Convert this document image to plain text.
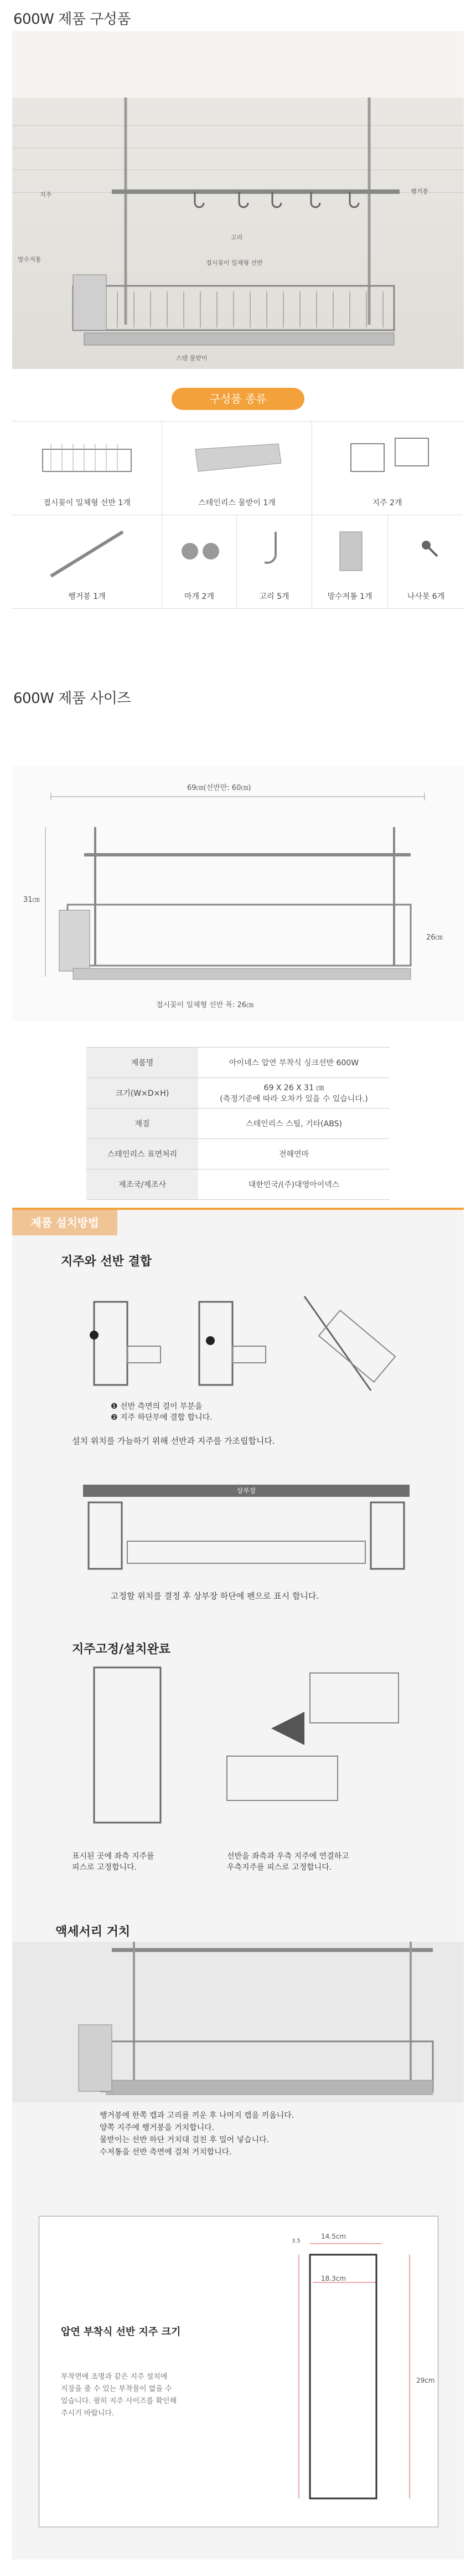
600W 제품 구성품
지주	행거봉
고리
망수저통	접시꽂이 일체형 선반
스텐 물받이
구성품 종류
접시꽂이 일체형 선반 1개	스테인리스 물받이 1개	지주 2개
행거봉 1개	마개 2개	고리 5개	망수저통 1개	나사못 6개
600W 제품 사이즈
69㎝(선반만: 60㎝)
31㎝
26㎝
접시꽂이 일체형 선반 폭: 26㎝
제품명	아이네스 압연 부착식 싱크선반 600W
크기(W×D×H)	69 X 26 X 31 ㎝
(측정기준에 따라 오차가 있을 수 있습니다.)

재질	스테인리스 스틸, 기타(ABS)
스테인리스 표면처리	전해연마
제조국/제조사	대한민국/(주)대영아이넥스
제품 설치방법
지주와 선반 결합
❶ 선반 측면의 걸이 부분을
❷ 지주 하단부에 결합 합니다.
설치 위치를 가늠하기 위해 선반과 지주를 가조립합니다.
상부장
고정할 위치를 결정 후 상부장 하단에 펜으로 표시 합니다.
지주고정/설치완료
표시된 곳에 좌측 지주를
피스로 고정합니다.
선반을 좌측과 우측 지주에 연결하고
우측지주를 피스로 고정합니다.
액세서리 거치
행거봉에 한쪽 캡과 고리를 끼운 후 나머지 캡을 끼웁니다.
양쪽 지주에 행거봉을 거치합니다.
물받이는 선반 하단 거치대 걸친 후 밀어 넣습니다.
수저통을 선반 측면에 걸쳐 거치합니다.
압연 부착식 선반 지주 크기
부착면에 조명과 같은 지주 설치에
지장을 줄 수 있는 부착물이 없을 수
있습니다. 필히 지주 사이즈를 확인해
주시기 바랍니다.
14.5cm
3.5
18.3cm
29cm
